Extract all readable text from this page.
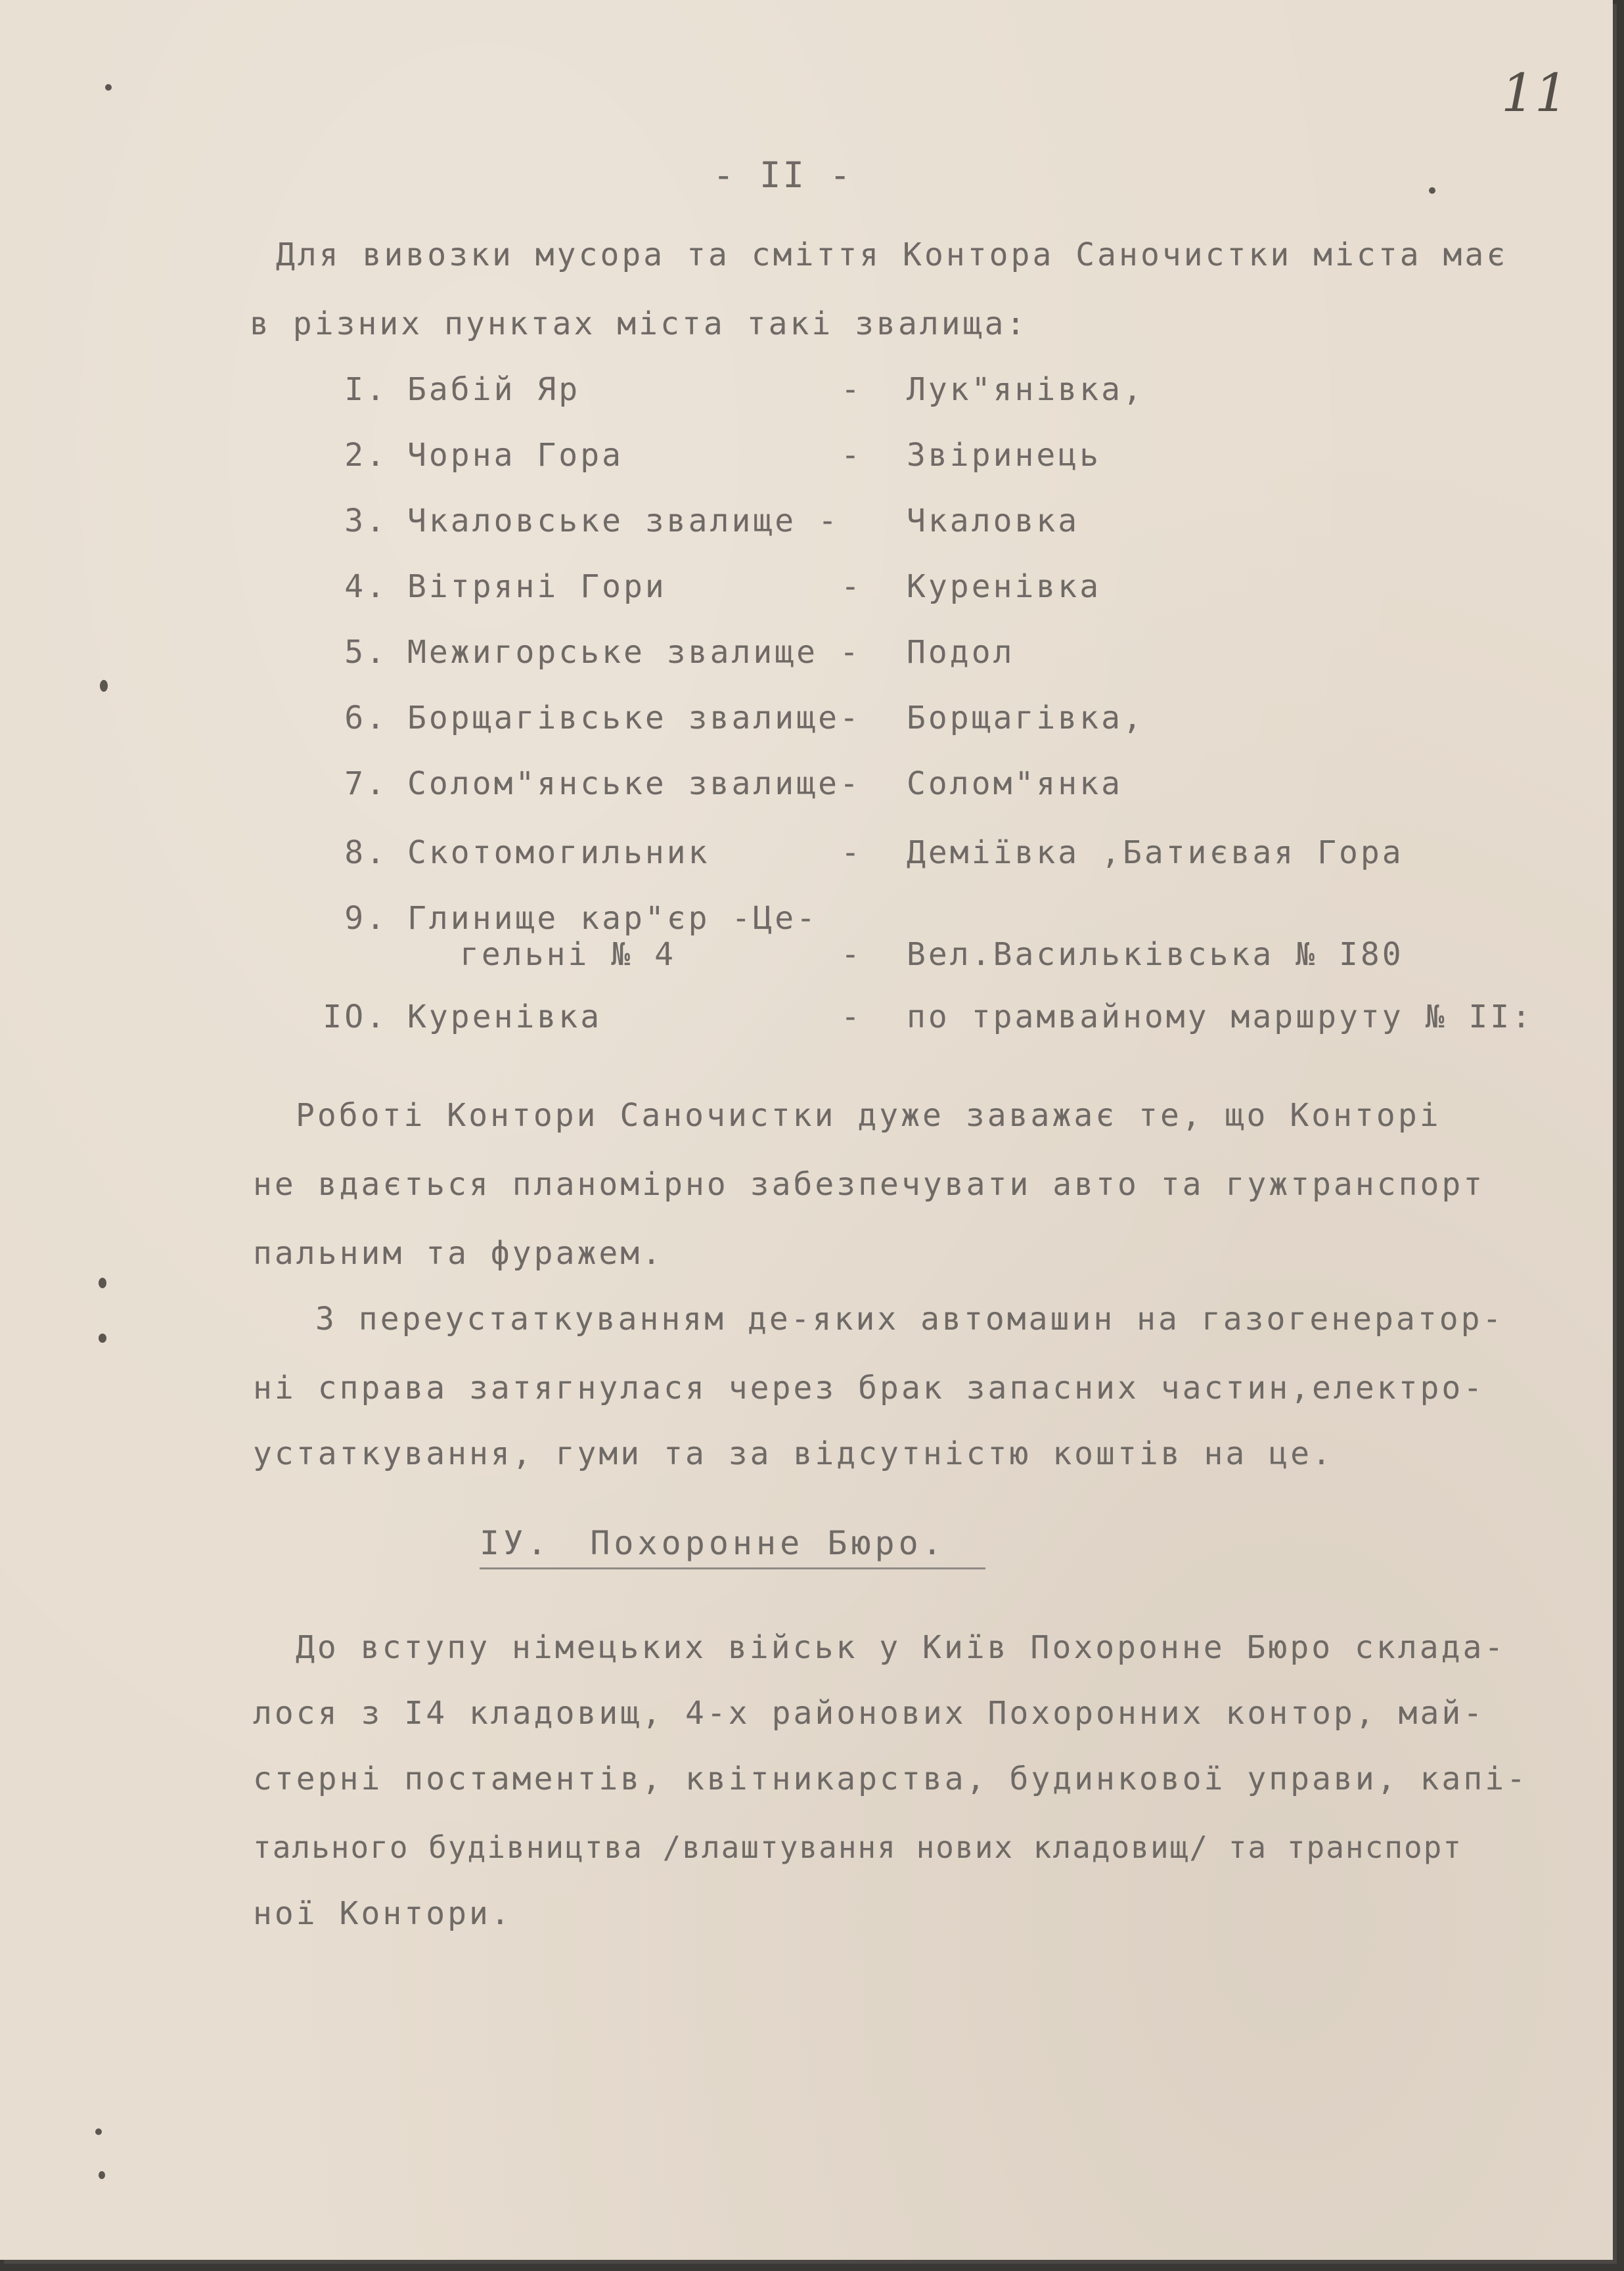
11
- II -
Для вивозки мусора та сміття Контора Саночистки міста має
в різних пунктах міста такі звалища:
I. Бабій Яр	- Лук"янівка,
2. Чорна Гора	- Звіринець
3. Чкаловське звалище - Чкаловка
4. Вітряні Гори	- Куренівка
5. Межигорське звалище - Подол
6. Борщагівське звалище- Борщагівка,
7. Солом"янське звалище- Солом"янка
8. Скотомогильник	- Деміївка ,Батиєвая Гора
9. Глинище кар"єр -Це-
гельні № 4	- Вел.Васильківська № I80
IO. Куренівка	- по трамвайному маршруту № II:
Роботі Контори Саночистки дуже заважає те, що Конторі
не вдається планомірно забезпечувати авто та гужтранспорт
пальним та фуражем.
З переустаткуванням де-яких автомашин на газогенератор-
ні справа затягнулася через брак запасних частин,електро-
устаткування, гуми та за відсутністю коштів на це.
IУ. Похоронне Бюро.
До вступу німецьких військ у Київ Похоронне Бюро склада-
лося з I4 кладовищ, 4-х районових Похоронних контор, май-
стерні постаментів, квітникарства, будинкової управи, капі-
тального будівництва /влаштування нових кладовищ/ та транспорт
ної Контори.
